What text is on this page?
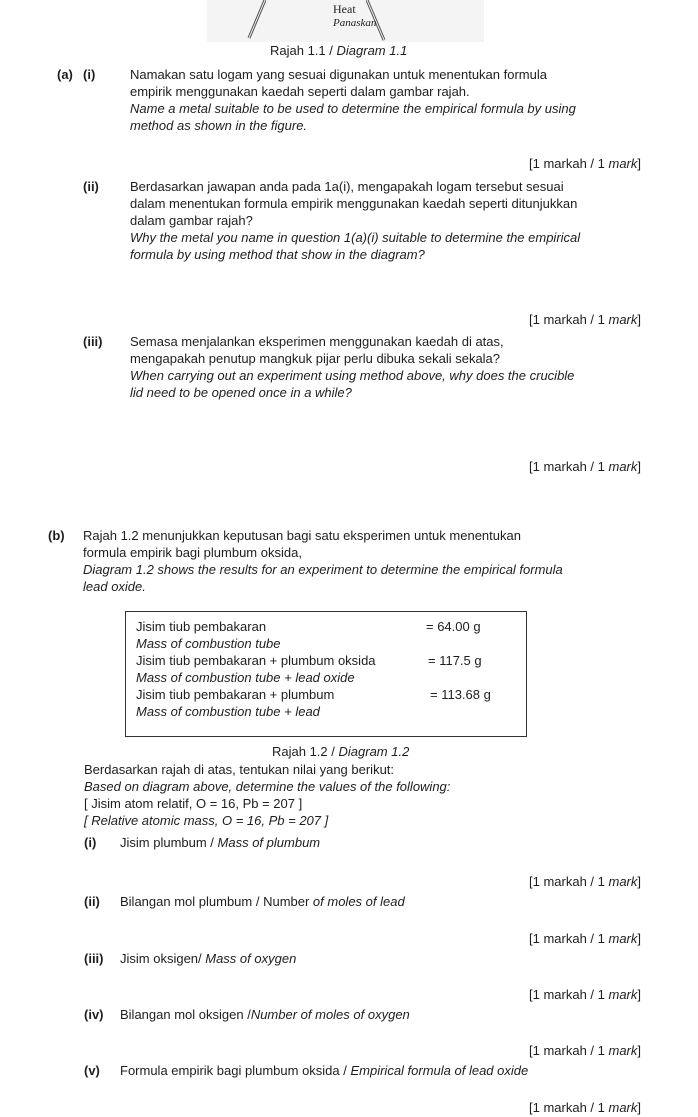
Heat
Panaskan
Rajah 1.1 / Diagram 1.1
(a) (i)	Namakan satu logam yang sesuai digunakan untuk menentukan formula
empirik menggunakan kaedah seperti dalam gambar rajah.
Name a metal suitable to be used to determine the empirical formula by using
method as shown in the figure.
[1 markah / 1 mark]
(ii) Berdasarkan jawapan anda pada 1a(i), mengapakah logam tersebut sesuai
dalam menentukan formula empirik menggunakan kaedah seperti ditunjukkan
dalam gambar rajah?
Why the metal you name in question 1(a)(i) suitable to determine the empirical
formula by using method that show in the diagram?
[1 markah / 1 mark]
(iii) Semasa menjalankan eksperimen menggunakan kaedah di atas,
mengapakah penutup mangkuk pijar perlu dibuka sekali sekala?
When carrying out an experiment using method above, why does the crucible
lid need to be opened once in a while?
[1 markah / 1 mark]
(b) Rajah 1.2 menunjukkan keputusan bagi satu eksperimen untuk menentukan
formula empirik bagi plumbum oksida,
Diagram 1.2 shows the results for an experiment to determine the empirical formula
lead oxide.
Jisim tiub pembakaran
Mass of combustion tube
= 64.00 g
Jisim tiub pembakaran + plumbum oksida
Mass of combustion tube + lead oxide
= 117.5 g
Jisim tiub pembakaran + plumbum
Mass of combustion tube + lead
= 113.68 g
Rajah 1.2 / Diagram 1.2
Berdasarkan rajah di atas, tentukan nilai yang berikut:
Based on diagram above, determine the values of the following:
[ Jisim atom relatif, O = 16, Pb = 207 ]
[ Relative atomic mass, O = 16, Pb = 207 ]
(i) Jisim plumbum / Mass of plumbum
[1 markah / 1 mark]
(ii) Bilangan mol plumbum / Number of moles of lead
[1 markah / 1 mark]
(iii) Jisim oksigen/ Mass of oxygen
[1 markah / 1 mark]
(iv) Bilangan mol oksigen /Number of moles of oxygen
[1 markah / 1 mark]
(v) Formula empirik bagi plumbum oksida / Empirical formula of lead oxide
[1 markah / 1 mark]
